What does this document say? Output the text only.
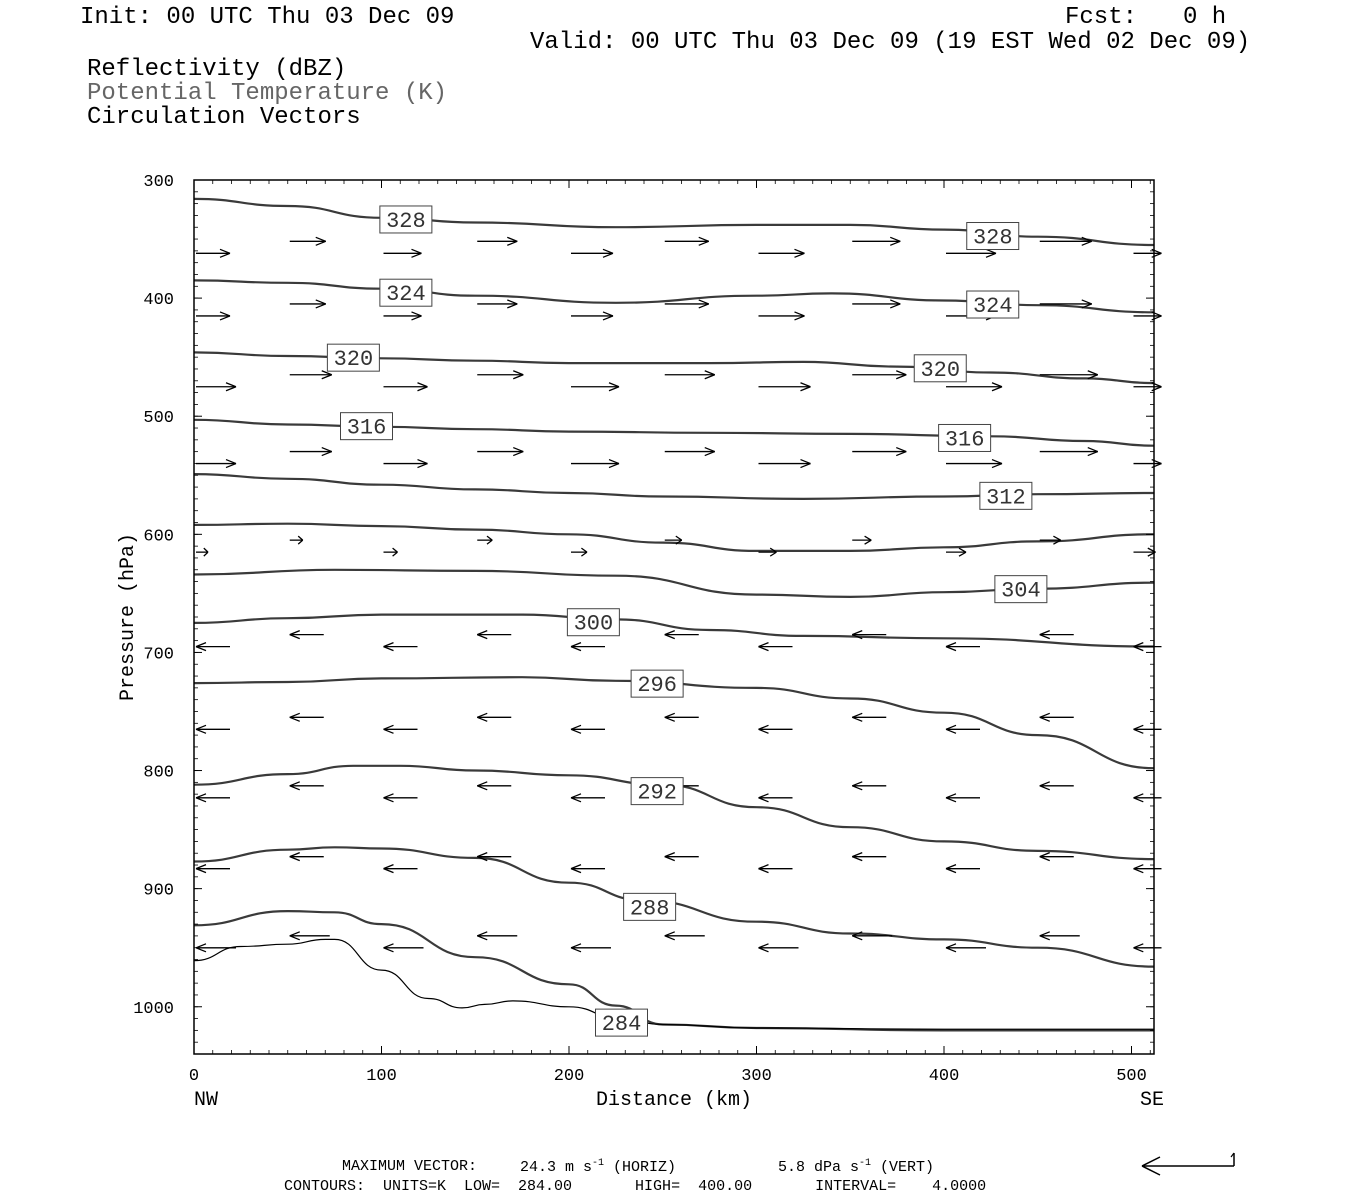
Init: 00 UTC Thu 03 Dec 09	Fcst: 0 h
Valid: 00 UTC Thu 03 Dec 09 (19 EST Wed 02 Dec 09)
Reflectivity (dBZ)
Potential Temperature (K)
Circulation Vectors
0	100	200	300	400	500
300
400
500
600
700
800
900
1000
328
328
324	324
320	320
316	316
312
304
300
296
292
288
284
Pressure (hPa)
Distance (km)
NW	SE
MAXIMUM VECTOR:	24.3 m $s^{-1}$ (HORIZ)	5.8 dPa $s^{-1}$ (VERT)
CONTOURS:  UNITS=K  LOW=  284.00       HIGH=  400.00       INTERVAL=    4.0000
